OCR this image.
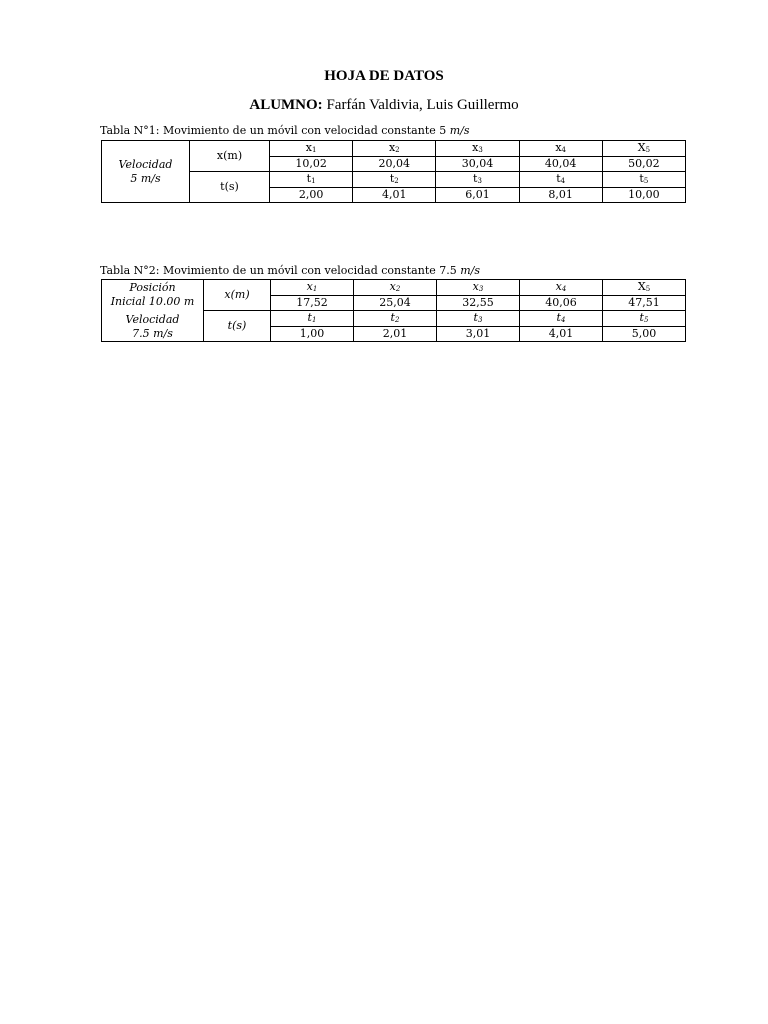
HOJA DE DATOS
ALUMNO: Farfán Valdivia, Luis Guillermo
Tabla N°1: Movimiento de un móvil con velocidad constante 5 m/s
Velocidad
5 m/s	x(m)	$x_1$	$x_2$	$x_3$	$x_4$	$X_5$
		10,02	20,04	30,04	40,04	50,02
	t(s)	$t_1$	$t_2$	$t_3$	$t_4$	$t_5$
		2,00	4,01	6,01	8,01	10,00
Tabla N°2: Movimiento de un móvil con velocidad constante 7.5 m/s
Posición
Inicial 10.00 m	x(m)	$x_1$	$x_2$	$x_3$	$x_4$	$X_5$
		17,52	25,04	32,55	40,06	47,51
Velocidad
7.5 m/s	t(s)	$t_1$	$t_2$	$t_3$	$t_4$	$t_5$
		1,00	2,01	3,01	4,01	5,00
